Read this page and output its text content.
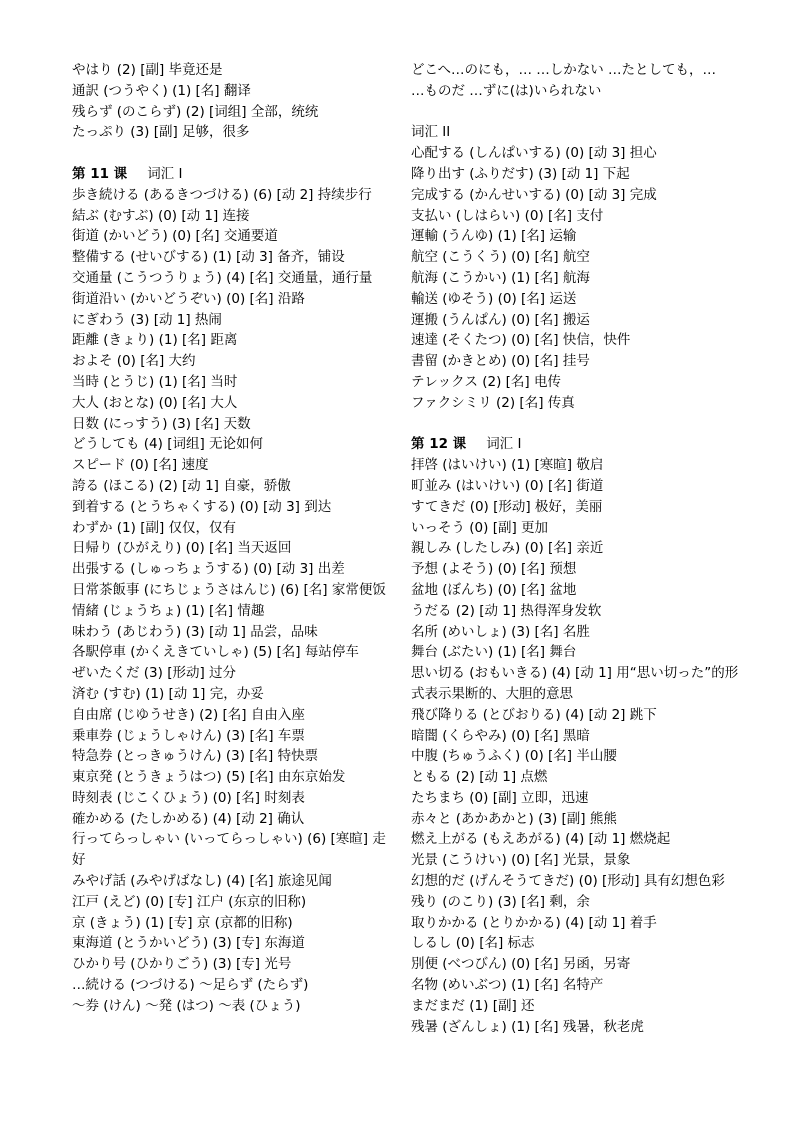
やはり (2) [副] 毕竟还是
通訳 (つうやく) (1) [名] 翻译
残らず (のこらず) (2) [词组] 全部，统统
たっぷり (3) [副] 足够，很多
第 11 课 词汇 I
歩き続ける (あるきつづける) (6) [动 2] 持续步行
結ぶ (むすぶ) (0) [动 1] 连接
街道 (かいどう) (0) [名] 交通要道
整備する (せいびする) (1) [动 3] 备齐，铺设
交通量 (こうつうりょう) (4) [名] 交通量，通行量
街道沿い (かいどうぞい) (0) [名] 沿路
にぎわう (3) [动 1] 热闹
距離 (きょり) (1) [名] 距离
およそ (0) [名] 大约
当時 (とうじ) (1) [名] 当时
大人 (おとな) (0) [名] 大人
日数 (にっすう) (3) [名] 天数
どうしても (4) [词组] 无论如何
スピード (0) [名] 速度
誇る (ほこる) (2) [动 1] 自豪，骄傲
到着する (とうちゃくする) (0) [动 3] 到达
わずか (1) [副] 仅仅，仅有
日帰り (ひがえり) (0) [名] 当天返回
出張する (しゅっちょうする) (0) [动 3] 出差
日常茶飯事 (にちじょうさはんじ) (6) [名] 家常便饭
情緒 (じょうちょ) (1) [名] 情趣
味わう (あじわう) (3) [动 1] 品尝，品味
各駅停車 (かくえきていしゃ) (5) [名] 每站停车
ぜいたくだ (3) [形动] 过分
済む (すむ) (1) [动 1] 完，办妥
自由席 (じゆうせき) (2) [名] 自由入座
乗車券 (じょうしゃけん) (3) [名] 车票
特急券 (とっきゅうけん) (3) [名] 特快票
東京発 (とうきょうはつ) (5) [名] 由东京始发
時刻表 (じこくひょう) (0) [名] 时刻表
確かめる (たしかめる) (4) [动 2] 确认
行ってらっしゃい (いってらっしゃい) (6) [寒暄] 走好
みやげ話 (みやげばなし) (4) [名] 旅途见闻
江戸 (えど) (0) [专] 江户 (东京的旧称)
京 (きょう) (1) [专] 京 (京都的旧称)
東海道 (とうかいどう) (3) [专] 东海道
ひかり号 (ひかりごう) (3) [专] 光号
…続ける (つづける) ～足らず (たらず)
～券 (けん) ～発 (はつ) ～表 (ひょう)
どこへ…のにも，… …しかない …たとしても，…
…ものだ …ずに(は)いられない
词汇 II
心配する (しんぱいする) (0) [动 3] 担心
降り出す (ふりだす) (3) [动 1] 下起
完成する (かんせいする) (0) [动 3] 完成
支払い (しはらい) (0) [名] 支付
運輸 (うんゆ) (1) [名] 运输
航空 (こうくう) (0) [名] 航空
航海 (こうかい) (1) [名] 航海
輸送 (ゆそう) (0) [名] 运送
運搬 (うんぱん) (0) [名] 搬运
速達 (そくたつ) (0) [名] 快信，快件
書留 (かきとめ) (0) [名] 挂号
テレックス (2) [名] 电传
ファクシミリ (2) [名] 传真
第 12 课 词汇 I
拝啓 (はいけい) (1) [寒暄] 敬启
町並み (はいけい) (0) [名] 街道
すてきだ (0) [形动] 极好，美丽
いっそう (0) [副] 更加
親しみ (したしみ) (0) [名] 亲近
予想 (よそう) (0) [名] 预想
盆地 (ぼんち) (0) [名] 盆地
うだる (2) [动 1] 热得浑身发软
名所 (めいしょ) (3) [名] 名胜
舞台 (ぶたい) (1) [名] 舞台
思い切る (おもいきる) (4) [动 1] 用“思い切った”的形式表示果断的、大胆的意思
飛び降りる (とびおりる) (4) [动 2] 跳下
暗闇 (くらやみ) (0) [名] 黑暗
中腹 (ちゅうふく) (0) [名] 半山腰
ともる (2) [动 1] 点燃
たちまち (0) [副] 立即，迅速
赤々と (あかあかと) (3) [副] 熊熊
燃え上がる (もえあがる) (4) [动 1] 燃烧起
光景 (こうけい) (0) [名] 光景，景象
幻想的だ (げんそうてきだ) (0) [形动] 具有幻想色彩
残り (のこり) (3) [名] 剩，余
取りかかる (とりかかる) (4) [动 1] 着手
しるし (0) [名] 标志
別便 (べつびん) (0) [名] 另函，另寄
名物 (めいぶつ) (1) [名] 名特产
まだまだ (1) [副] 还
残暑 (ざんしょ) (1) [名] 残暑，秋老虎
